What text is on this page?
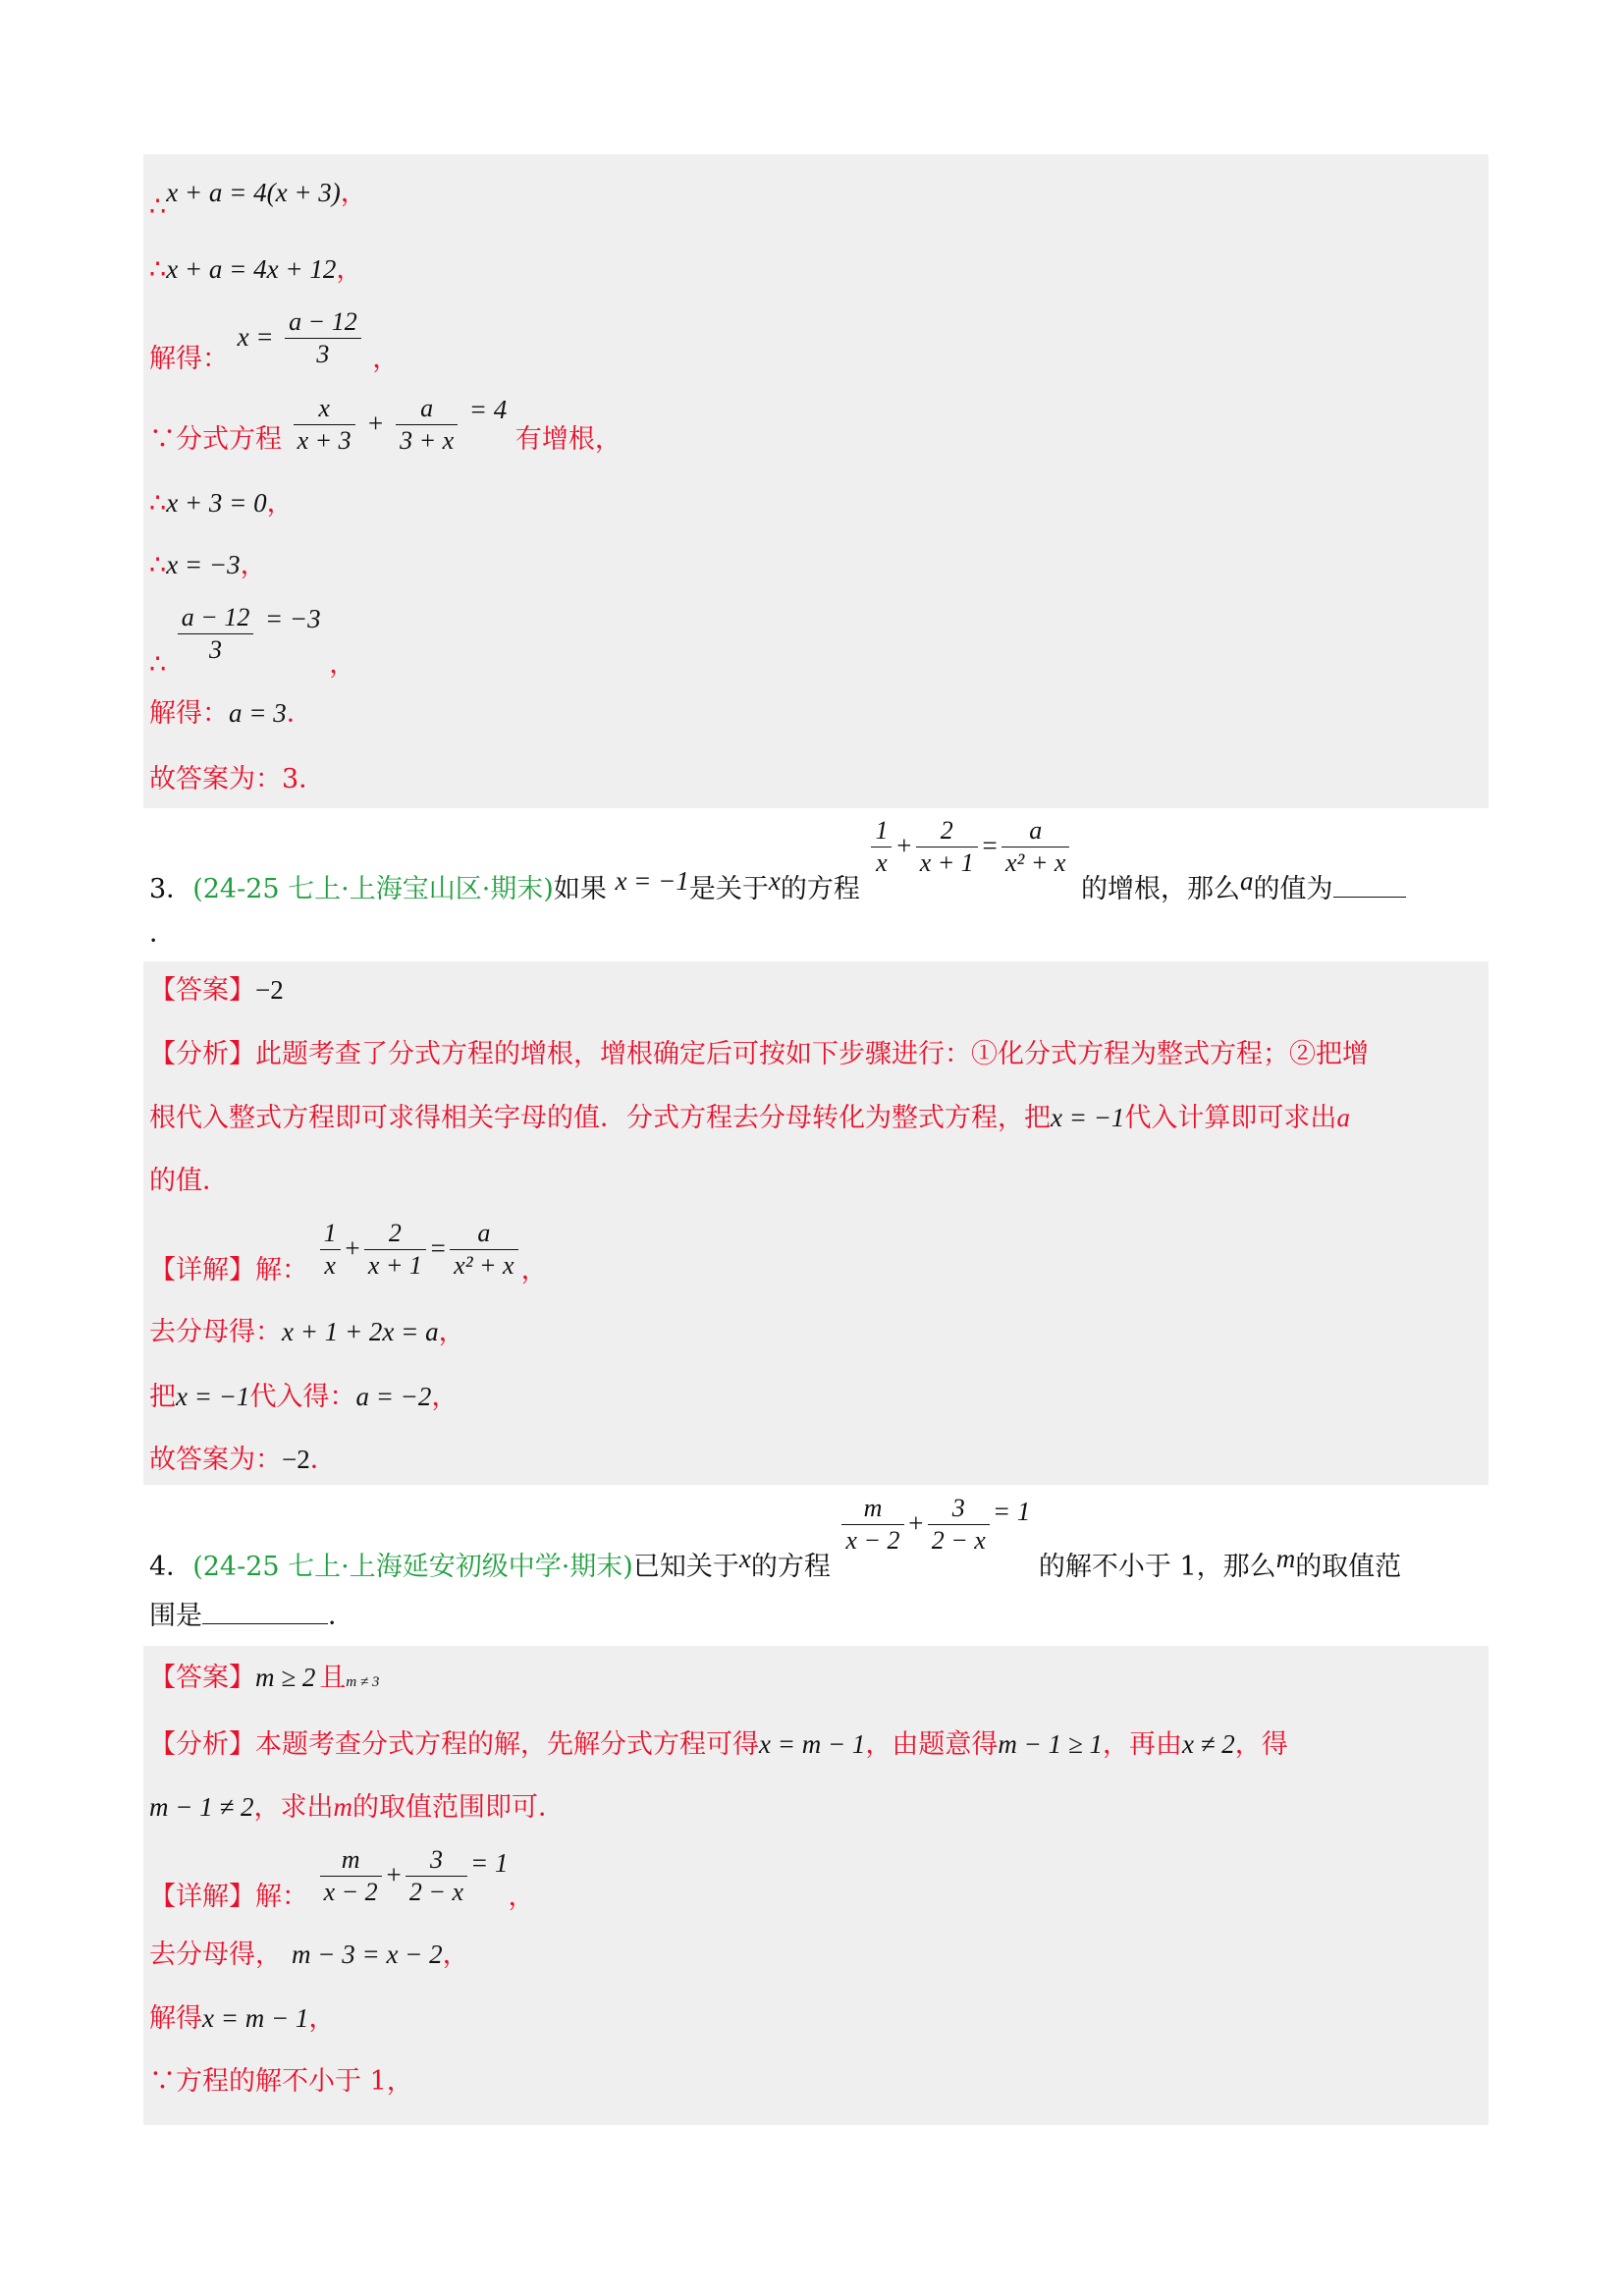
∴x + a = 4(x + 3)，
∴x + a = 4x + 12，
解得： $x = \frac{a - 12}{3}$ ，
∵分式方程 $\frac{x}{x + 3} + \frac{a}{3 + x} = 4$ 有增根，
∴x + 3 = 0，
∴x = −3，
∴ $\frac{a - 12}{3} = -3$ ，
解得：a = 3．
故答案为：3．
3．(24-25 七上·上海宝山区·期末)如果 x = −1是关于x的方程
$\frac{1}{x} + \frac{2}{x + 1} = \frac{a}{\text{x² + x}}$
的增根，那么a的值为
．
【答案】−2
【分析】此题考查了分式方程的增根，增根确定后可按如下步骤进行：①化分式方程为整式方程；②把增
根代入整式方程即可求得相关字母的值．分式方程去分母转化为整式方程，把x = −1代入计算即可求出a
的值．
【详解】解： $\frac{1}{x} + \frac{2}{x + 1} = \frac{a}{\text{x² + x}}$ ，
去分母得：x + 1 + 2x = a，
把x = −1代入得：a = −2，
故答案为：−2．
4．(24-25 七上·上海延安初级中学·期末)已知关于x的方程
$\frac{m}{x - 2} + \frac{3}{2 - x} = 1$ 的解不小于 1，那么m的取值范
围是	．
【答案】m ≥ 2 且m ≠ 3
【分析】本题考查分式方程的解，先解分式方程可得x = m − 1，由题意得m − 1 ≥ 1，再由x ≠ 2，得
m − 1 ≠ 2，求出m的取值范围即可．
【详解】解： $\frac{m}{x - 2} + \frac{3}{2 - x} = 1$，
去分母得， m − 3 = x − 2，
解得x = m − 1，
∵方程的解不小于 1，
